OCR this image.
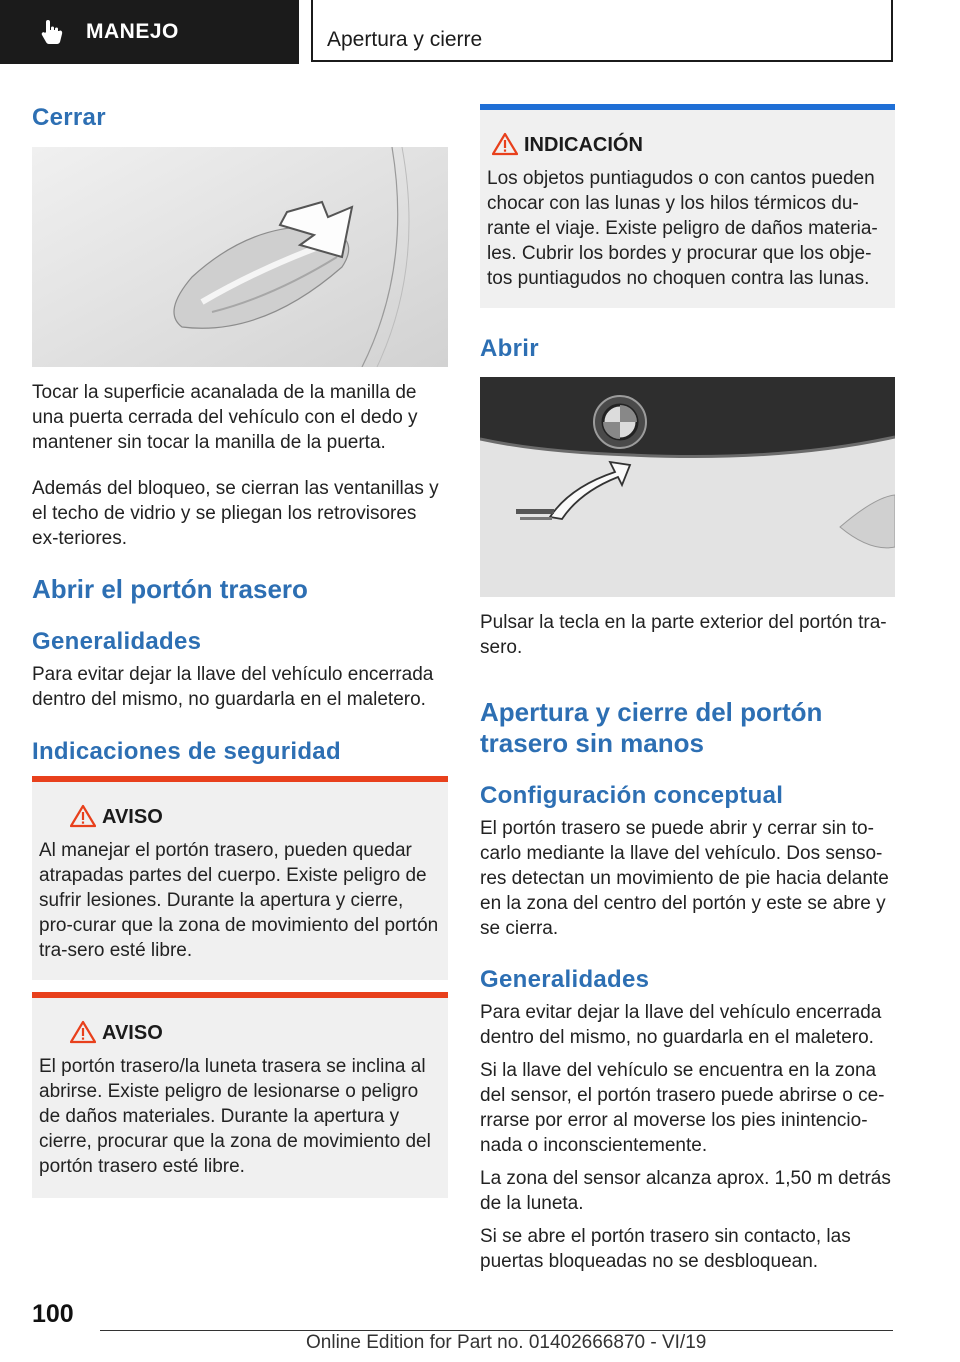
MANEJO	Apertura y cierre
Cerrar

Tocar la superficie acanalada de la manilla de una puerta cerrada del vehículo con el dedo y mantener sin tocar la manilla de la puerta.

Además del bloqueo, se cierran las ventanillas y el techo de vidrio y se pliegan los retrovisores ex‐teriores.

Abrir el portón trasero
Generalidades

Para evitar dejar la llave del vehículo encerrada dentro del mismo, no guardarla en el maletero.

Indicaciones de seguridad
AVISO

Al manejar el portón trasero, pueden quedar atrapadas partes del cuerpo. Existe peligro de sufrir lesiones. Durante la apertura y cierre, pro‐curar que la zona de movimiento del portón tra‐sero esté libre.

AVISO

El portón trasero/la luneta trasera se inclina al abrirse. Existe peligro de lesionarse o peligro de daños materiales. Durante la apertura y cierre, procurar que la zona de movimiento del portón trasero esté libre.

INDICACIÓN

Los objetos puntiagudos o con cantos pueden chocar con las lunas y los hilos térmicos du‐rante el viaje. Existe peligro de daños materia‐les. Cubrir los bordes y procurar que los obje‐tos puntiagudos no choquen contra las lunas.

Abrir

Pulsar la tecla en la parte exterior del portón tra‐sero.

Apertura y cierre del portón trasero sin manos
Configuración conceptual

El portón trasero se puede abrir y cerrar sin to‐carlo mediante la llave del vehículo. Dos senso‐res detectan un movimiento de pie hacia delante en la zona del centro del portón y este se abre y se cierra.

Generalidades

Para evitar dejar la llave del vehículo encerrada dentro del mismo, no guardarla en el maletero.

Si la llave del vehículo se encuentra en la zona del sensor, el portón trasero puede abrirse o ce‐rrarse por error al moverse los pies inintencio‐nada o inconscientemente.

La zona del sensor alcanza aprox. 1,50 m detrás de la luneta.

Si se abre el portón trasero sin contacto, las puertas bloqueadas no se desbloquean.

100
Online Edition for Part no. 01402666870 - VI/19
